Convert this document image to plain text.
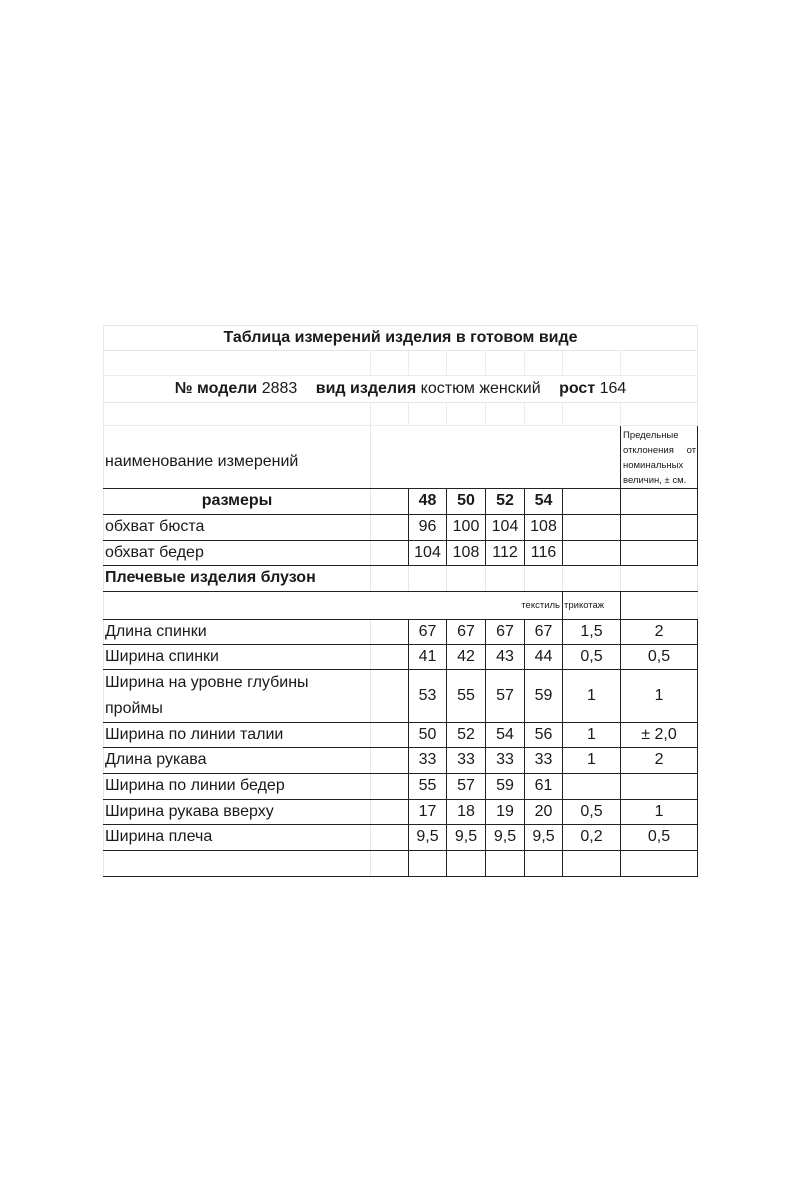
Таблица измерений изделия в готовом виде							

№ модели 2883 вид изделия костюм женский рост 164							

наименование измерений							Предельные отклонения от номинальных величин, ± см.
размеры		48	50	52	54		
обхват бюста		96	100	104	108		
обхват бедер		104	108	112	116		
Плечевые изделия блузон							
текстиль						трикотаж	
Длина спинки		67	67	67	67	1,5	2
Ширина спинки		41	42	43	44	0,5	0,5
Ширина на уровне глубины проймы		53	55	57	59	1	1
Ширина по линии талии		50	52	54	56	1	± 2,0
Длина рукава		33	33	33	33	1	2
Ширина по линии бедер		55	57	59	61		
Ширина рукава вверху		17	18	19	20	0,5	1
Ширина плеча		9,5	9,5	9,5	9,5	0,2	0,5
